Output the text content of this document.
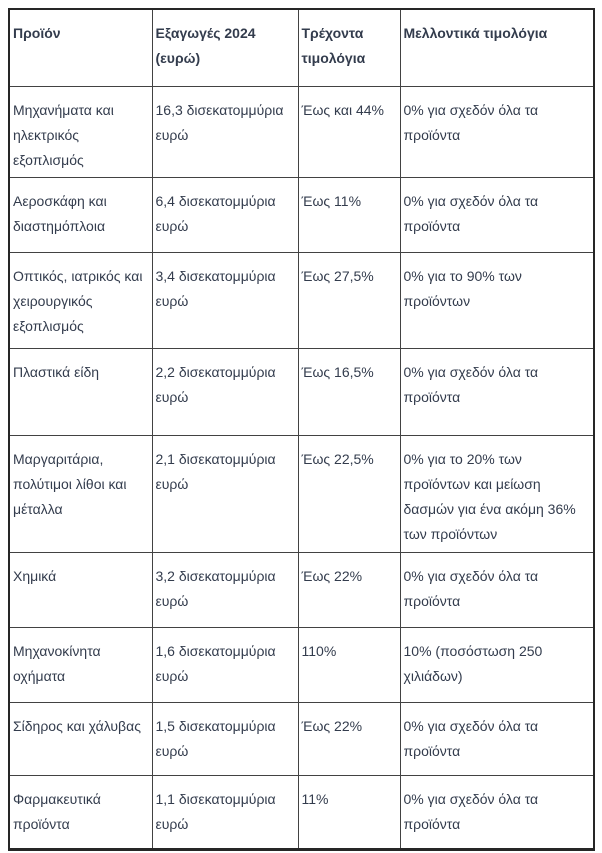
Προϊόν	Εξαγωγές 2024 (ευρώ)	Τρέχοντα τιμολόγια	Μελλοντικά τιμολόγια
Μηχανήματα και ηλεκτρικός εξοπλισμός	16,3 δισεκατομμύρια ευρώ	Έως και 44%	0% για σχεδόν όλα τα προϊόντα
Αεροσκάφη και διαστημόπλοια	6,4 δισεκατομμύρια ευρώ	Έως 11%	0% για σχεδόν όλα τα προϊόντα
Οπτικός, ιατρικός και χειρουργικός εξοπλισμός	3,4 δισεκατομμύρια ευρώ	Έως 27,5%	0% για το 90% των προϊόντων
Πλαστικά είδη	2,2 δισεκατομμύρια ευρώ	Έως 16,5%	0% για σχεδόν όλα τα προϊόντα
Μαργαριτάρια, πολύτιμοι λίθοι και μέταλλα	2,1 δισεκατομμύρια ευρώ	Έως 22,5%	0% για το 20% των προϊόντων και μείωση δασμών για ένα ακόμη 36% των προϊόντων
Χημικά	3,2 δισεκατομμύρια ευρώ	Έως 22%	0% για σχεδόν όλα τα προϊόντα
Μηχανοκίνητα οχήματα	1,6 δισεκατομμύρια ευρώ	110%	10% (ποσόστωση 250 χιλιάδων)
Σίδηρος και χάλυβας	1,5 δισεκατομμύρια ευρώ	Έως 22%	0% για σχεδόν όλα τα προϊόντα
Φαρμακευτικά προϊόντα	1,1 δισεκατομμύρια ευρώ	11%	0% για σχεδόν όλα τα προϊόντα
